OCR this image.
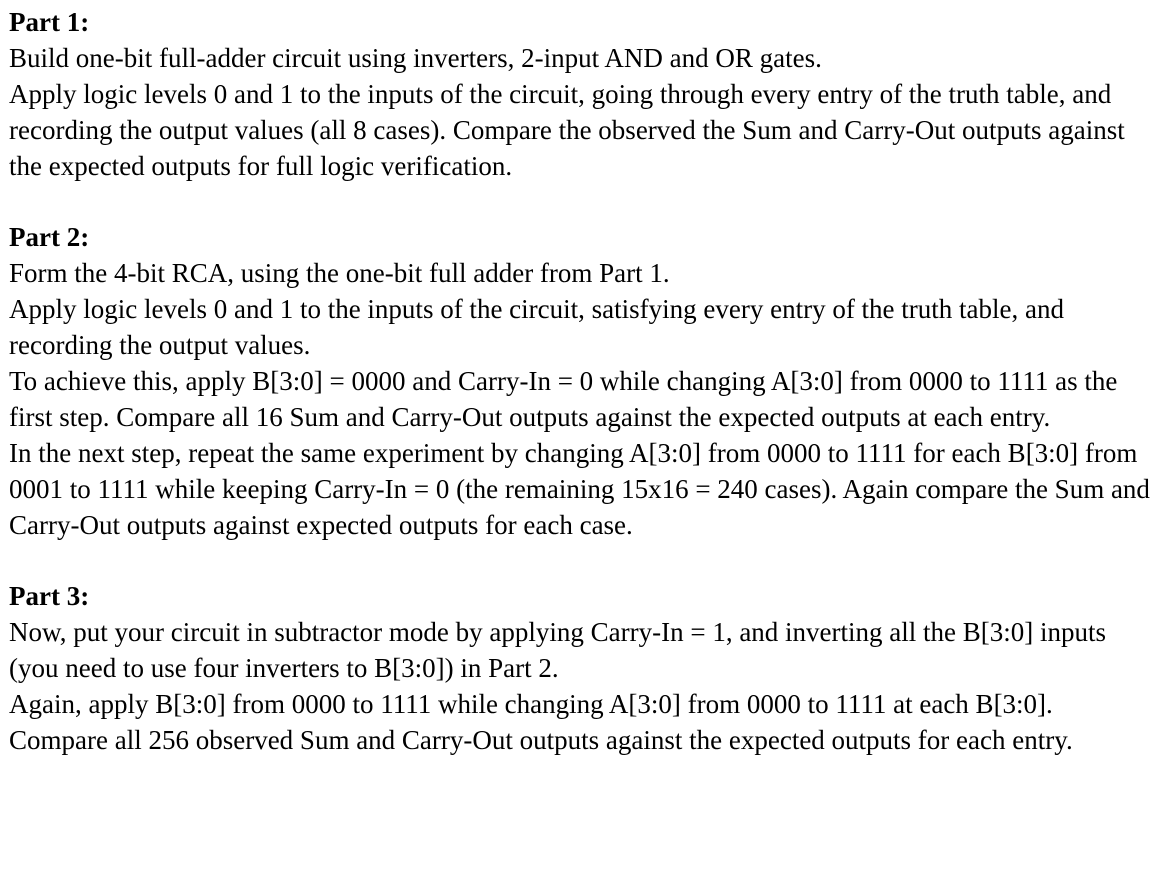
Part 1:
Build one-bit full-adder circuit using inverters, 2-input AND and OR gates.
Apply logic levels 0 and 1 to the inputs of the circuit, going through every entry of the truth table, and recording the output values (all 8 cases). Compare the observed the Sum and Carry-Out outputs against the expected outputs for full logic verification.
Part 2:
Form the 4-bit RCA, using the one-bit full adder from Part 1.
Apply logic levels 0 and 1 to the inputs of the circuit, satisfying every entry of the truth table, and recording the output values.
To achieve this, apply B[3:0] = 0000 and Carry-In = 0 while changing A[3:0] from 0000 to 1111 as the first step. Compare all 16 Sum and Carry-Out outputs against the expected outputs at each entry.
In the next step, repeat the same experiment by changing A[3:0] from 0000 to 1111 for each B[3:0] from 0001 to 1111 while keeping Carry-In = 0 (the remaining 15x16 = 240 cases). Again compare the Sum and Carry-Out outputs against expected outputs for each case.
Part 3:
Now, put your circuit in subtractor mode by applying Carry-In = 1, and inverting all the B[3:0] inputs (you need to use four inverters to B[3:0]) in Part 2.
Again, apply B[3:0] from 0000 to 1111 while changing A[3:0] from 0000 to 1111 at each B[3:0]. Compare all 256 observed Sum and Carry-Out outputs against the expected outputs for each entry.
